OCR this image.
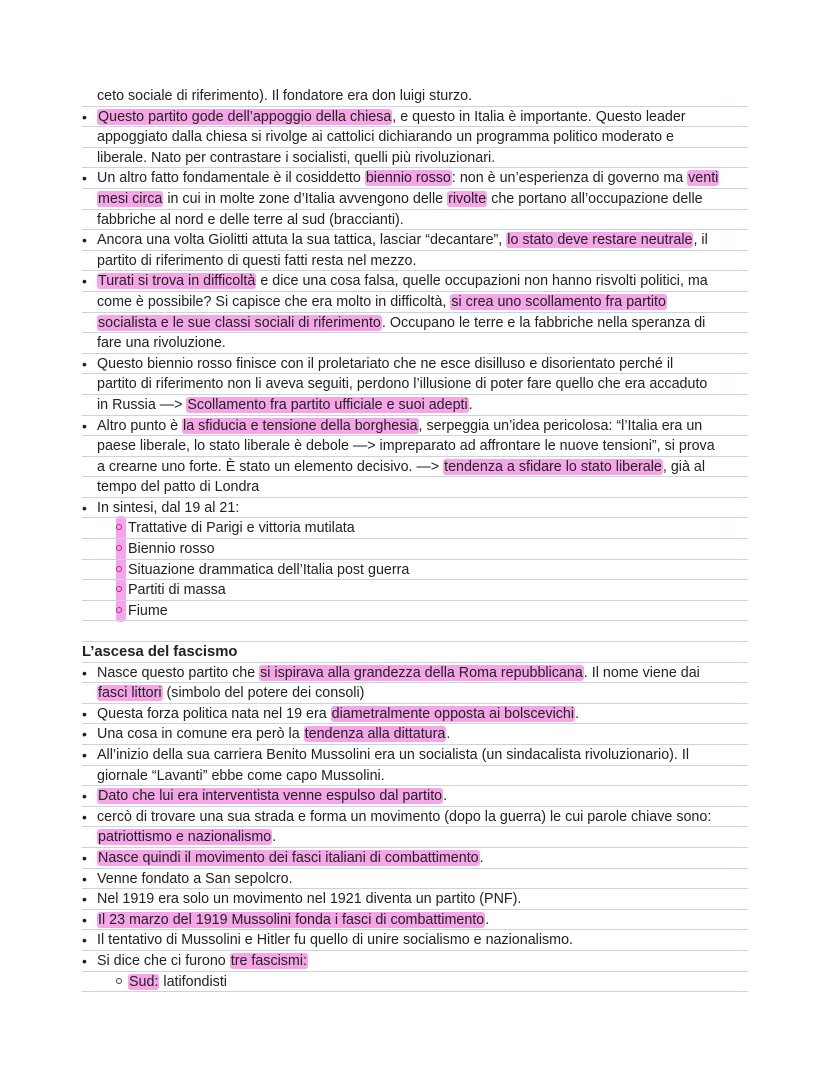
ceto sociale di riferimento). Il fondatore era don luigi sturzo.
• Questo partito gode dell’appoggio della chiesa, e questo in Italia è importante. Questo leader
appoggiato dalla chiesa si rivolge ai cattolici dichiarando un programma politico moderato e
liberale. Nato per contrastare i socialisti, quelli più rivoluzionari.
• Un altro fatto fondamentale è il cosiddetto biennio rosso: non è un’esperienza di governo ma venti
mesi circa in cui in molte zone d’Italia avvengono delle rivolte che portano all’occupazione delle
fabbriche al nord e delle terre al sud (braccianti).
• Ancora una volta Giolitti attuta la sua tattica, lasciar “decantare”, lo stato deve restare neutrale, il
partito di riferimento di questi fatti resta nel mezzo.
• Turati si trova in difficoltà e dice una cosa falsa, quelle occupazioni non hanno risvolti politici, ma
come è possibile? Si capisce che era molto in difficoltà, si crea uno scollamento fra partito
socialista e le sue classi sociali di riferimento. Occupano le terre e la fabbriche nella speranza di
fare una rivoluzione.
• Questo biennio rosso finisce con il proletariato che ne esce disilluso e disorientato perché il
partito di riferimento non li aveva seguiti, perdono l’illusione di poter fare quello che era accaduto
in Russia —> Scollamento fra partito ufficiale e suoi adepti.
• Altro punto è la sfiducia e tensione della borghesia, serpeggia un’idea pericolosa: “l’Italia era un
paese liberale, lo stato liberale è debole —> impreparato ad affrontare le nuove tensioni”, si prova
a crearne uno forte. È stato un elemento decisivo. —> tendenza a sfidare lo stato liberale, già al
tempo del patto di Londra
• In sintesi, dal 19 al 21:
Trattative di Parigi e vittoria mutilata
Biennio rosso
Situazione drammatica dell’Italia post guerra
Partiti di massa
Fiume
L’ascesa del fascismo
• Nasce questo partito che si ispirava alla grandezza della Roma repubblicana. Il nome viene dai
fasci littori (simbolo del potere dei consoli)
• Questa forza politica nata nel 19 era diametralmente opposta ai bolscevichi.
• Una cosa in comune era però la tendenza alla dittatura.
• All’inizio della sua carriera Benito Mussolini era un socialista (un sindacalista rivoluzionario). Il
giornale “Lavanti” ebbe come capo Mussolini.
• Dato che lui era interventista venne espulso dal partito.
• cercò di trovare una sua strada e forma un movimento (dopo la guerra) le cui parole chiave sono:
patriottismo e nazionalismo.
• Nasce quindi il movimento dei fasci italiani di combattimento.
• Venne fondato a San sepolcro.
• Nel 1919 era solo un movimento nel 1921 diventa un partito (PNF).
• Il 23 marzo del 1919 Mussolini fonda i fasci di combattimento.
• Il tentativo di Mussolini e Hitler fu quello di unire socialismo e nazionalismo.
• Si dice che ci furono tre fascismi:
Sud: latifondisti
